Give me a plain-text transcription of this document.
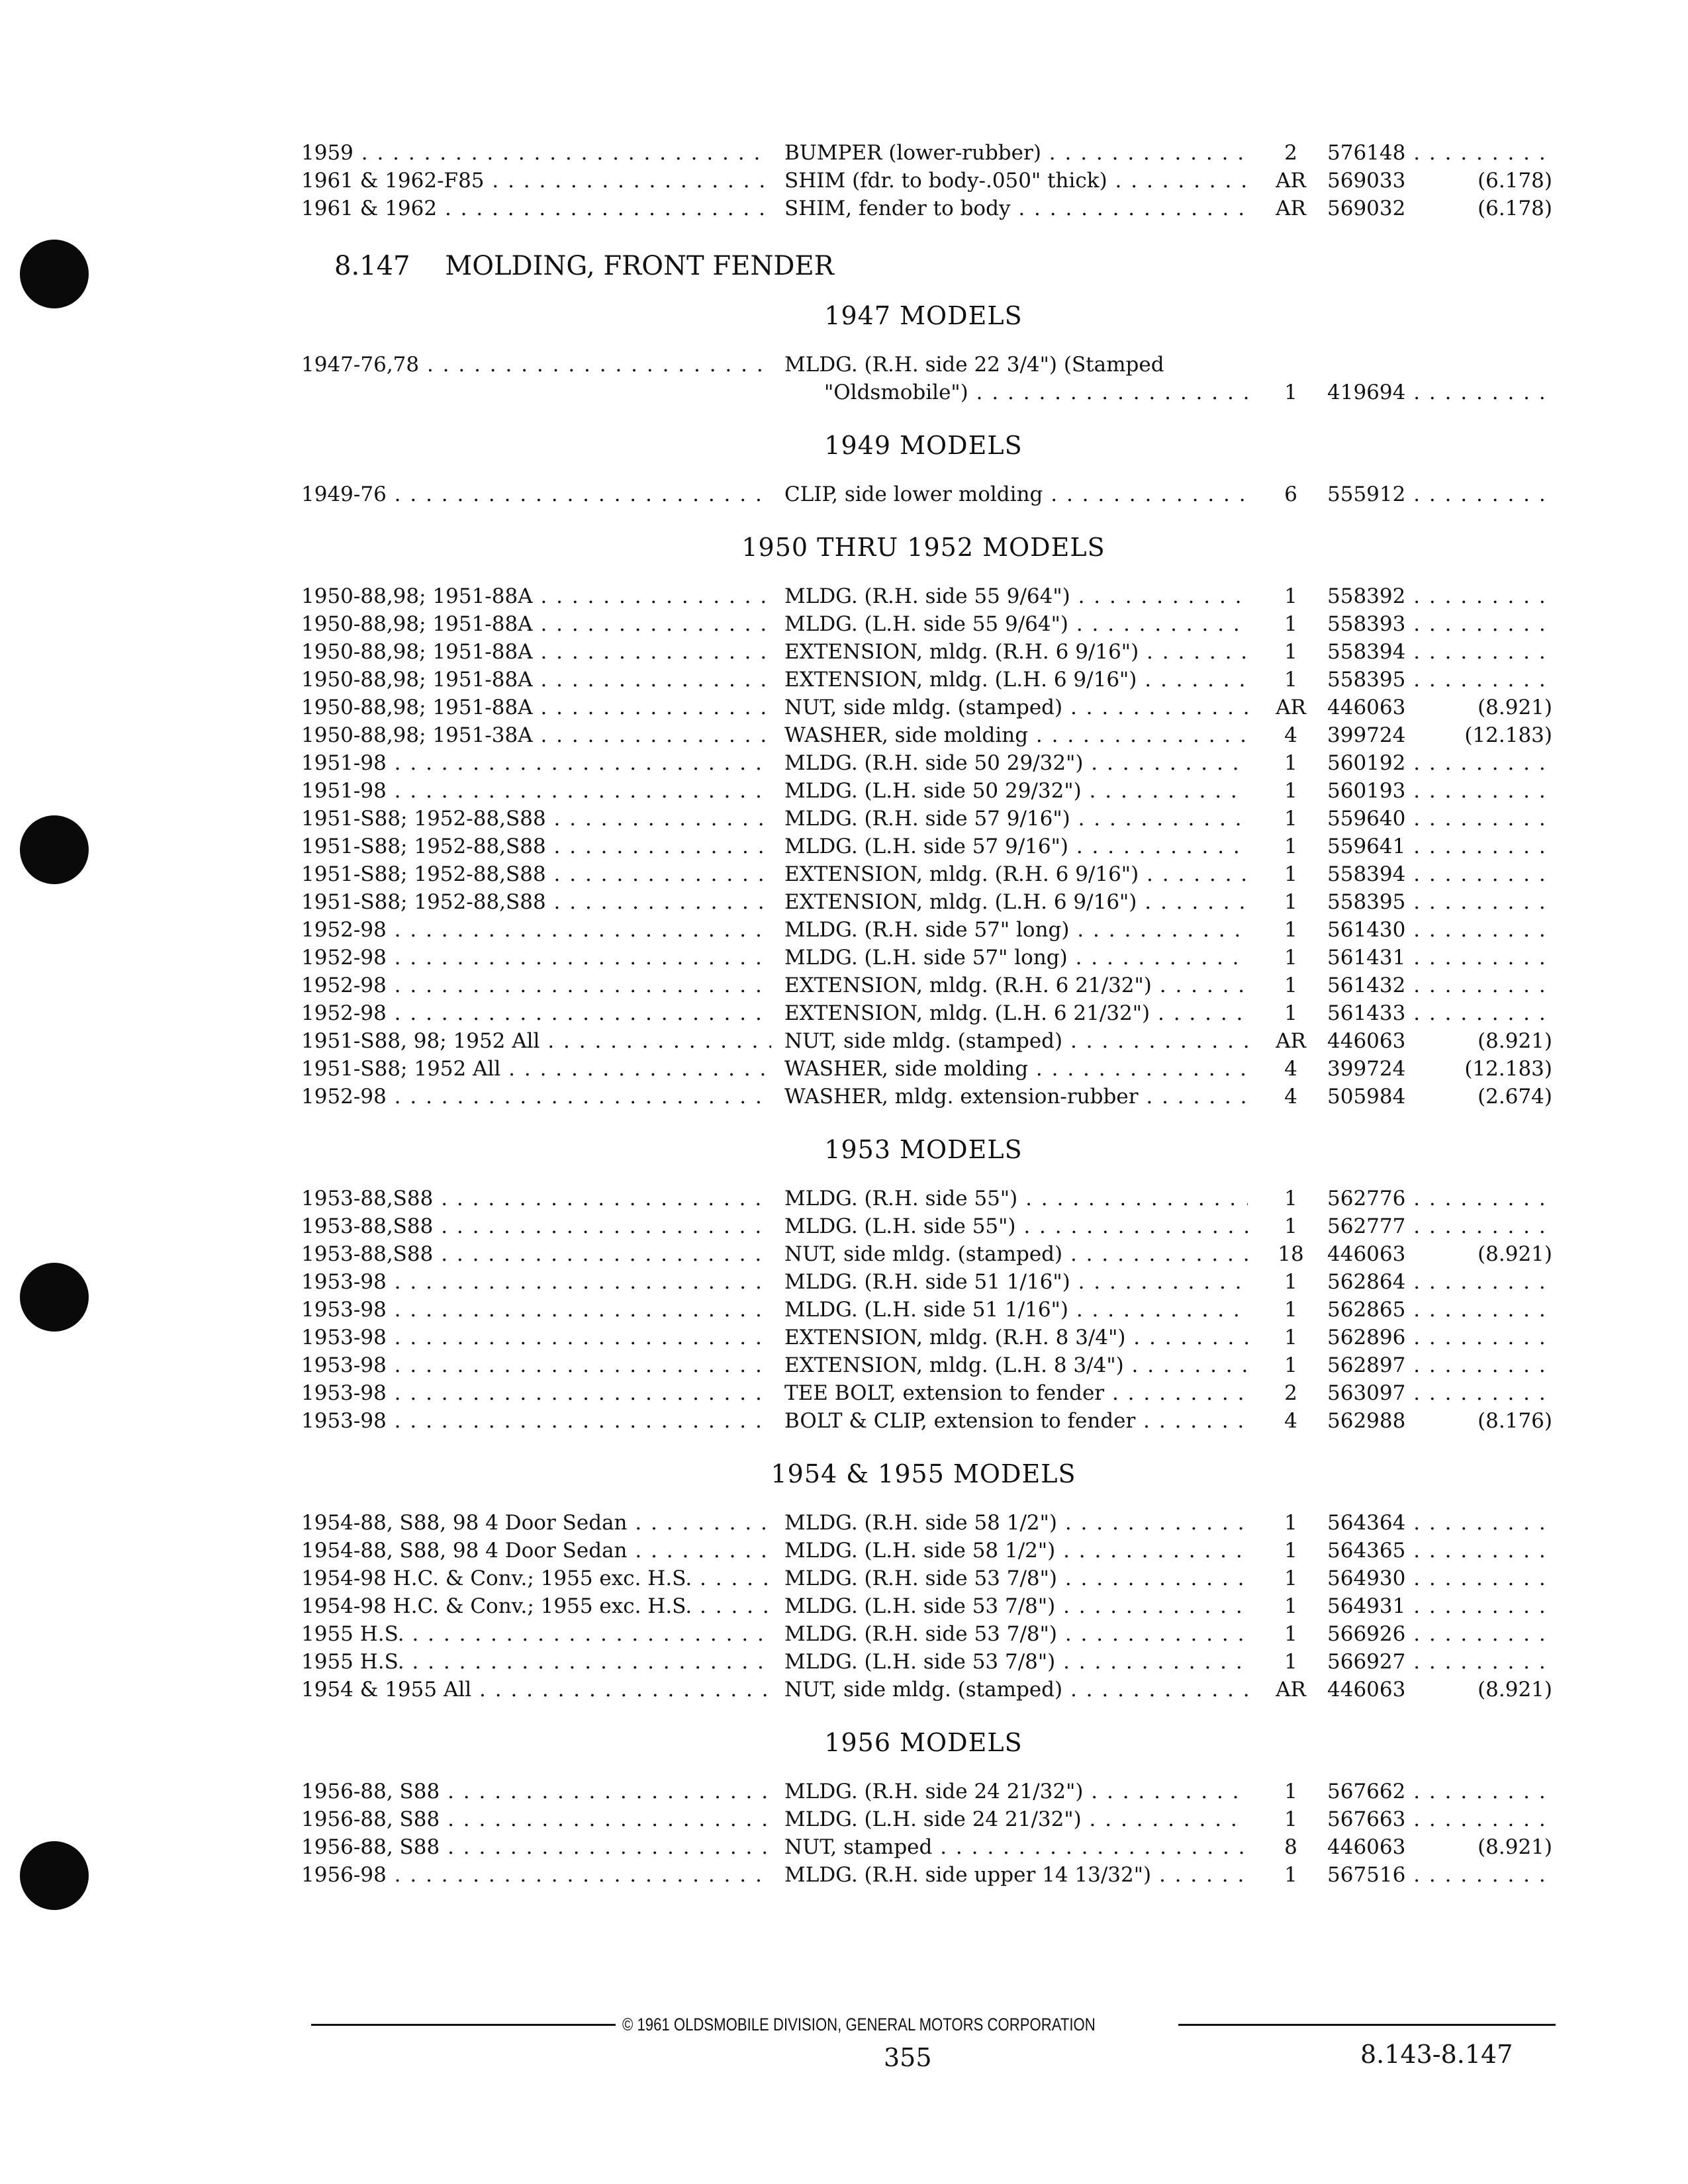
1959 . . .	BUMPER (lower-rubber) . . .	2	576148 . . .
1961 & 1962-F85 . . .	SHIM (fdr. to body-.050" thick) . . .	AR	569033	(6.178)
1961 & 1962 . . .	SHIM, fender to body . . .	AR	569032	(6.178)
8.147 MOLDING, FRONT FENDER
1947 MODELS
1947-76,78 . . .	MLDG. (R.H. side 22 3/4") (Stamped
"Oldsmobile") . . .	1	419694 . . .
1949 MODELS
1949-76 . . .	CLIP, side lower molding . . .	6	555912 . . .
1950 THRU 1952 MODELS
1950-88,98; 1951-88A . . .	MLDG. (R.H. side 55 9/64") . . .	1	558392 . . .
1950-88,98; 1951-88A . . .	MLDG. (L.H. side 55 9/64") . . .	1	558393 . . .
1950-88,98; 1951-88A . . .	EXTENSION, mldg. (R.H. 6 9/16") . . .	1	558394 . . .
1950-88,98; 1951-88A . . .	EXTENSION, mldg. (L.H. 6 9/16") . . .	1	558395 . . .
1950-88,98; 1951-88A . . .	NUT, side mldg. (stamped) . . .	AR	446063	(8.921)
1950-88,98; 1951-38A . . .	WASHER, side molding . . .	4	399724	(12.183)
1951-98 . . .	MLDG. (R.H. side 50 29/32") . . .	1	560192 . . .
1951-98 . . .	MLDG. (L.H. side 50 29/32") . . .	1	560193 . . .
1951-S88; 1952-88,S88 . . .	MLDG. (R.H. side 57 9/16") . . .	1	559640 . . .
1951-S88; 1952-88,S88 . . .	MLDG. (L.H. side 57 9/16") . . .	1	559641 . . .
1951-S88; 1952-88,S88 . . .	EXTENSION, mldg. (R.H. 6 9/16") . . .	1	558394 . . .
1951-S88; 1952-88,S88 . . .	EXTENSION, mldg. (L.H. 6 9/16") . . .	1	558395 . . .
1952-98 . . .	MLDG. (R.H. side 57" long) . . .	1	561430 . . .
1952-98 . . .	MLDG. (L.H. side 57" long) . . .	1	561431 . . .
1952-98 . . .	EXTENSION, mldg. (R.H. 6 21/32") . . .	1	561432 . . .
1952-98 . . .	EXTENSION, mldg. (L.H. 6 21/32") . . .	1	561433 . . .
1951-S88, 98; 1952 All . . .	NUT, side mldg. (stamped) . . .	AR	446063	(8.921)
1951-S88; 1952 All . . .	WASHER, side molding . . .	4	399724	(12.183)
1952-98 . . .	WASHER, mldg. extension-rubber . . .	4	505984	(2.674)
1953 MODELS
1953-88,S88 . . .	MLDG. (R.H. side 55") . . .	1	562776 . . .
1953-88,S88 . . .	MLDG. (L.H. side 55") . . .	1	562777 . . .
1953-88,S88 . . .	NUT, side mldg. (stamped) . . .	18	446063	(8.921)
1953-98 . . .	MLDG. (R.H. side 51 1/16") . . .	1	562864 . . .
1953-98 . . .	MLDG. (L.H. side 51 1/16") . . .	1	562865 . . .
1953-98 . . .	EXTENSION, mldg. (R.H. 8 3/4") . . .	1	562896 . . .
1953-98 . . .	EXTENSION, mldg. (L.H. 8 3/4") . . .	1	562897 . . .
1953-98 . . .	TEE BOLT, extension to fender . . .	2	563097 . . .
1953-98 . . .	BOLT & CLIP, extension to fender . . .	4	562988	(8.176)
1954 & 1955 MODELS
1954-88, S88, 98 4 Door Sedan . . .	MLDG. (R.H. side 58 1/2") . . .	1	564364 . . .
1954-88, S88, 98 4 Door Sedan . . .	MLDG. (L.H. side 58 1/2") . . .	1	564365 . . .
1954-98 H.C. & Conv.; 1955 exc. H.S. . . .	MLDG. (R.H. side 53 7/8") . . .	1	564930 . . .
1954-98 H.C. & Conv.; 1955 exc. H.S. . . .	MLDG. (L.H. side 53 7/8") . . .	1	564931 . . .
1955 H.S. . . .	MLDG. (R.H. side 53 7/8") . . .	1	566926 . . .
1955 H.S. . . .	MLDG. (L.H. side 53 7/8") . . .	1	566927 . . .
1954 & 1955 All . . .	NUT, side mldg. (stamped) . . .	AR	446063	(8.921)
1956 MODELS
1956-88, S88 . . .	MLDG. (R.H. side 24 21/32") . . .	1	567662 . . .
1956-88, S88 . . .	MLDG. (L.H. side 24 21/32") . . .	1	567663 . . .
1956-88, S88 . . .	NUT, stamped . . .	8	446063	(8.921)
1956-98 . . .	MLDG. (R.H. side upper 14 13/32") . . .	1	567516 . . .
© 1961 OLDSMOBILE DIVISION, GENERAL MOTORS CORPORATION
355	8.143-8.147
